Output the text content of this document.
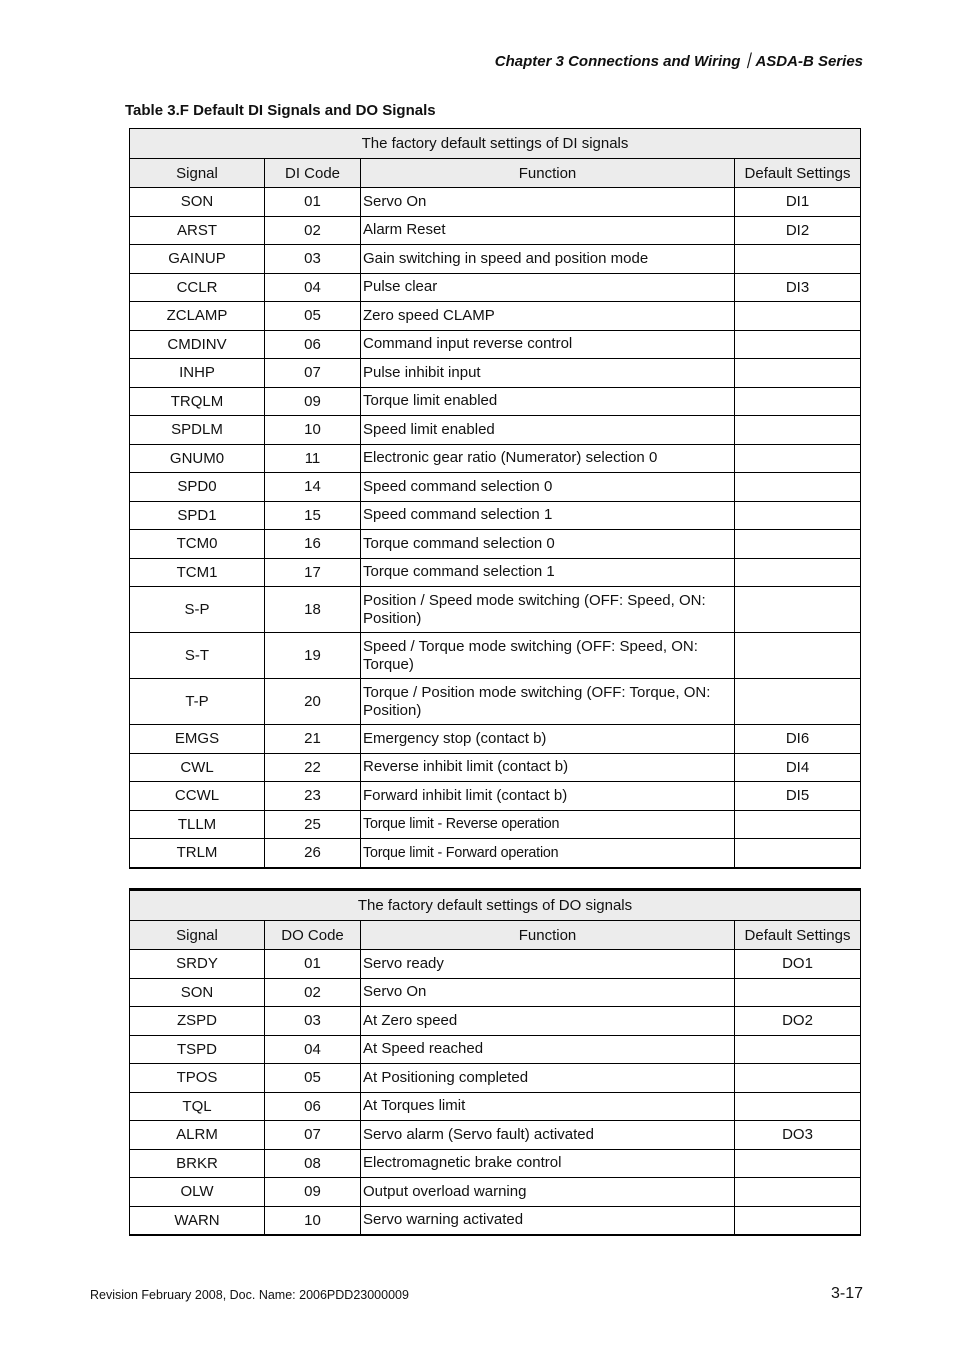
Chapter 3 Connections and Wiring｜ASDA-B Series
Table 3.F Default DI Signals and DO Signals
The factory default settings of DI signals			
Signal	DI Code	Function	Default Settings
SON	01	Servo On	DI1
ARST	02	Alarm Reset	DI2
GAINUP	03	Gain switching in speed and position mode	
CCLR	04	Pulse clear	DI3
ZCLAMP	05	Zero speed CLAMP	
CMDINV	06	Command input reverse control	
INHP	07	Pulse inhibit input	
TRQLM	09	Torque limit enabled	
SPDLM	10	Speed limit enabled	
GNUM0	11	Electronic gear ratio (Numerator) selection 0	
SPD0	14	Speed command selection 0	
SPD1	15	Speed command selection 1	
TCM0	16	Torque command selection 0	
TCM1	17	Torque command selection 1	
S-P	18	Position / Speed mode switching (OFF: Speed, ON: Position)	
S-T	19	Speed / Torque mode switching (OFF: Speed, ON: Torque)	
T-P	20	Torque / Position mode switching (OFF: Torque, ON: Position)	
EMGS	21	Emergency stop (contact b)	DI6
CWL	22	Reverse inhibit limit (contact b)	DI4
CCWL	23	Forward inhibit limit (contact b)	DI5
TLLM	25	Torque limit - Reverse operation	
TRLM	26	Torque limit - Forward operation	
The factory default settings of DO signals			
Signal	DO Code	Function	Default Settings
SRDY	01	Servo ready	DO1
SON	02	Servo On	
ZSPD	03	At Zero speed	DO2
TSPD	04	At Speed reached	
TPOS	05	At Positioning completed	
TQL	06	At Torques limit	
ALRM	07	Servo alarm (Servo fault) activated	DO3
BRKR	08	Electromagnetic brake control	
OLW	09	Output overload warning	
WARN	10	Servo warning activated	
Revision February 2008, Doc. Name: 2006PDD23000009	3-17
